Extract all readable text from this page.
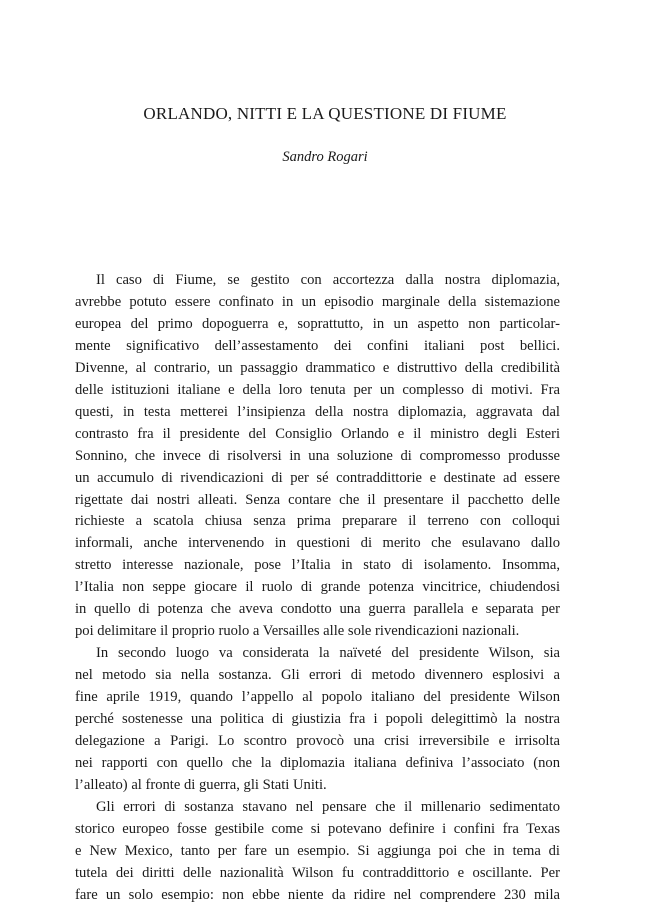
ORLANDO, NITTI E LA QUESTIONE DI FIUME

Sandro Rogari

Il caso di Fiume, se gestito con accortezza dalla nostra diplomazia,
avrebbe potuto essere confinato in un episodio marginale della sistemazione
europea del primo dopoguerra e, soprattutto, in un aspetto non particolar-
mente significativo dell’assestamento dei confini italiani post bellici.
Divenne, al contrario, un passaggio drammatico e distruttivo della credibilità
delle istituzioni italiane e della loro tenuta per un complesso di motivi. Fra
questi, in testa metterei l’insipienza della nostra diplomazia, aggravata dal
contrasto fra il presidente del Consiglio Orlando e il ministro degli Esteri
Sonnino, che invece di risolversi in una soluzione di compromesso produsse
un accumulo di rivendicazioni di per sé contraddittorie e destinate ad essere
rigettate dai nostri alleati. Senza contare che il presentare il pacchetto delle
richieste a scatola chiusa senza prima preparare il terreno con colloqui
informali, anche intervenendo in questioni di merito che esulavano dallo
stretto interesse nazionale, pose l’Italia in stato di isolamento. Insomma,
l’Italia non seppe giocare il ruolo di grande potenza vincitrice, chiudendosi
in quello di potenza che aveva condotto una guerra parallela e separata per
poi delimitare il proprio ruolo a Versailles alle sole rivendicazioni nazionali.

In secondo luogo va considerata la naïveté del presidente Wilson, sia
nel metodo sia nella sostanza. Gli errori di metodo divennero esplosivi a
fine aprile 1919, quando l’appello al popolo italiano del presidente Wilson
perché sostenesse una politica di giustizia fra i popoli delegittimò la nostra
delegazione a Parigi. Lo scontro provocò una crisi irreversibile e irrisolta
nei rapporti con quello che la diplomazia italiana definiva l’associato (non
l’alleato) al fronte di guerra, gli Stati Uniti.

Gli errori di sostanza stavano nel pensare che il millenario sedimentato
storico europeo fosse gestibile come si potevano definire i confini fra Texas
e New Mexico, tanto per fare un esempio. Si aggiunga poi che in tema di
tutela dei diritti delle nazionalità Wilson fu contraddittorio e oscillante. Per
fare un solo esempio: non ebbe niente da ridire nel comprendere 230 mila
